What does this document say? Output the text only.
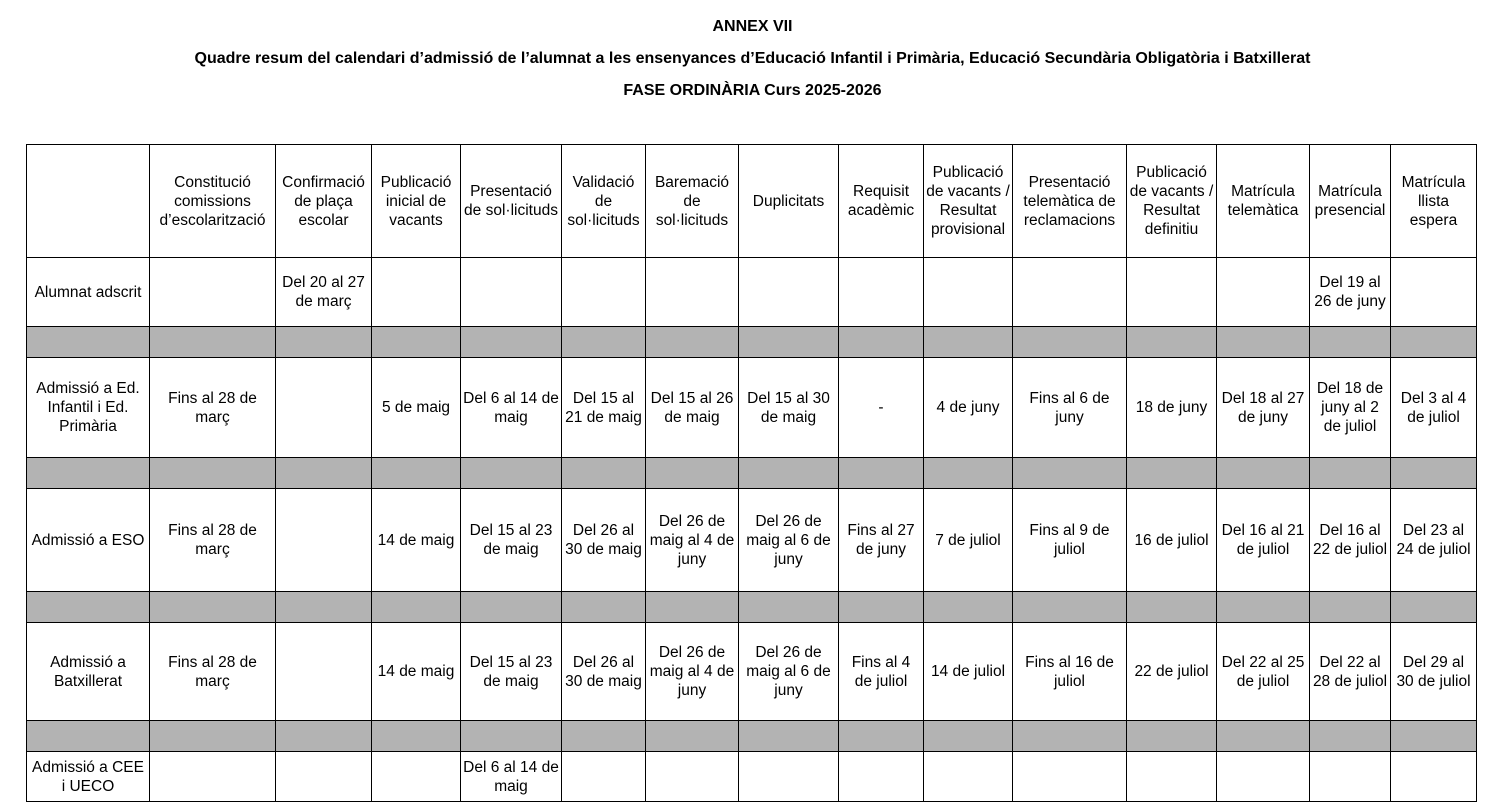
ANNEX VII
Quadre resum del calendari d’admissió de l’alumnat a les ensenyances d’Educació Infantil i Primària, Educació Secundària Obligatòria i Batxillerat
FASE ORDINÀRIA Curs 2025-2026
	Constitució comissions d’escolarització	Confirmació de plaça escolar	Publicació inicial de vacants	Presentació de sol·licituds	Validació de sol·licituds	Baremació de sol·licituds	Duplicitats	Requisit acadèmic	Publicació de vacants / Resultat provisional	Presentació telemàtica de reclamacions	Publicació de vacants / Resultat definitiu	Matrícula telemàtica	Matrícula presencial	Matrícula llista espera
Alumnat adscrit		Del 20 al 27 de març											Del 19 al 26 de juny	

Admissió a Ed. Infantil i Ed. Primària	Fins al 28 de març		5 de maig	Del 6 al 14 de maig	Del 15 al 21 de maig	Del 15 al 26 de maig	Del 15 al 30 de maig	-	4 de juny	Fins al 6 de juny	18 de juny	Del 18 al 27 de juny	Del 18 de juny al 2 de juliol	Del 3 al 4 de juliol

Admissió a ESO	Fins al 28 de març		14 de maig	Del 15 al 23 de maig	Del 26 al 30 de maig	Del 26 de maig al 4 de juny	Del 26 de maig al 6 de juny	Fins al 27 de juny	7 de juliol	Fins al 9 de juliol	16 de juliol	Del 16 al 21 de juliol	Del 16 al 22 de juliol	Del 23 al 24 de juliol

Admissió a Batxillerat	Fins al 28 de març		14 de maig	Del 15 al 23 de maig	Del 26 al 30 de maig	Del 26 de maig al 4 de juny	Del 26 de maig al 6 de juny	Fins al 4 de juliol	14 de juliol	Fins al 16 de juliol	22 de juliol	Del 22 al 25 de juliol	Del 22 al 28 de juliol	Del 29 al 30 de juliol

Admissió a CEE i UECO				Del 6 al 14 de maig										
